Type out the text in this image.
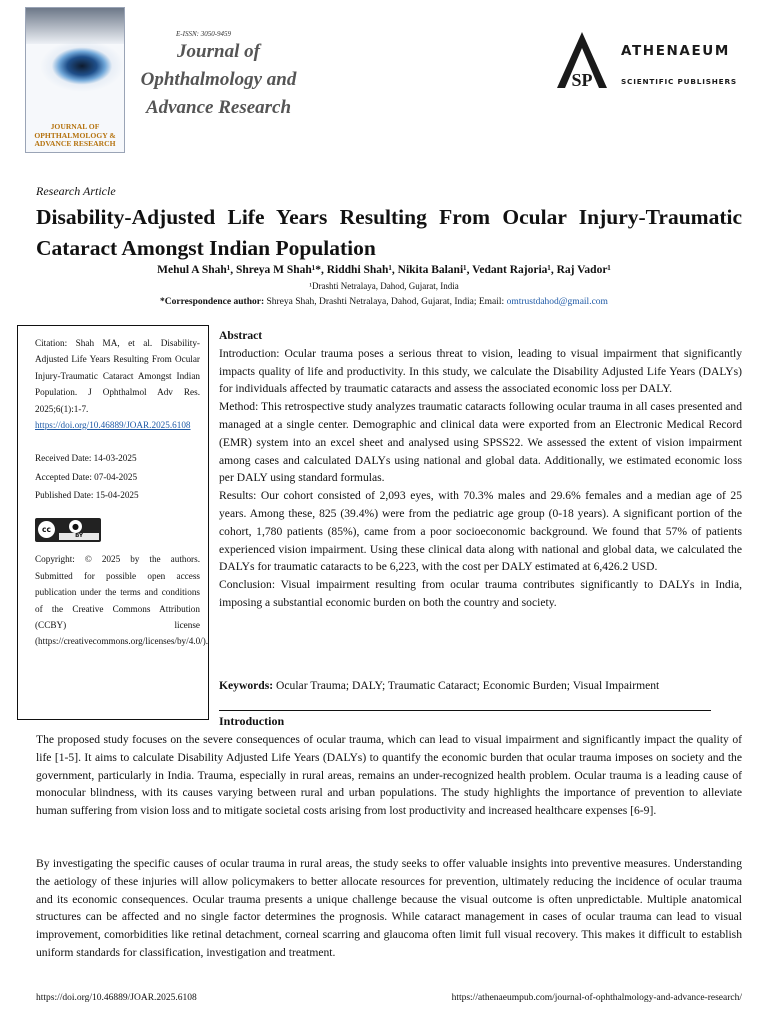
JOURNAL OF OPHTHALMOLOGY & ADVANCE RESEARCH
E-ISSN: 3050-9459
Journal of Ophthalmology and Advance Research
SP
ATHENAEUM
SCIENTIFIC PUBLISHERS
Research Article
Disability-Adjusted Life Years Resulting From Ocular Injury-Traumatic Cataract Amongst Indian Population
Mehul A Shah¹, Shreya M Shah¹*, Riddhi Shah¹, Nikita Balani¹, Vedant Rajoria¹, Raj Vador¹
¹Drashti Netralaya, Dahod, Gujarat, India
*Correspondence author: Shreya Shah, Drashti Netralaya, Dahod, Gujarat, India; Email: omtrustdahod@gmail.com
Citation: Shah MA, et al. Disability-Adjusted Life Years Resulting From Ocular Injury-Traumatic Cataract Amongst Indian Population. J Ophthalmol Adv Res. 2025;6(1):1-7.
https://doi.org/10.46889/JOAR.2025.6108
Received Date: 14-03-2025
Accepted Date: 07-04-2025
Published Date: 15-04-2025
cc	●
BY
Copyright: © 2025 by the authors. Submitted for possible open access publication under the terms and conditions of the Creative Commons Attribution (CCBY) license (https://creativecommons.org/licenses/by/4.0/).
Abstract

Introduction: Ocular trauma poses a serious threat to vision, leading to visual impairment that significantly impacts quality of life and productivity. In this study, we calculate the Disability Adjusted Life Years (DALYs) for individuals affected by traumatic cataracts and assess the associated economic loss per DALY.

Method: This retrospective study analyzes traumatic cataracts following ocular trauma in all cases presented and managed at a single center. Demographic and clinical data were exported from an Electronic Medical Record (EMR) system into an excel sheet and analysed using SPSS22. We assessed the extent of vision impairment among cases and calculated DALYs using national and global data. Additionally, we estimated economic loss per DALY using standard formulas.

Results: Our cohort consisted of 2,093 eyes, with 70.3% males and 29.6% females and a median age of 25 years. Among these, 825 (39.4%) were from the pediatric age group (0-18 years). A significant portion of the cohort, 1,780 patients (85%), came from a poor socioeconomic background. We found that 57% of patients experienced vision impairment. Using these clinical data along with national and global data, we calculated the DALYs for traumatic cataracts to be 6,223, with the cost per DALY estimated at 6,426.2 USD.

Conclusion: Visual impairment resulting from ocular trauma contributes significantly to DALYs in India, imposing a substantial economic burden on both the country and society.

Keywords: Ocular Trauma; DALY; Traumatic Cataract; Economic Burden; Visual Impairment
Introduction
The proposed study focuses on the severe consequences of ocular trauma, which can lead to visual impairment and significantly impact the quality of life [1-5]. It aims to calculate Disability Adjusted Life Years (DALYs) to quantify the economic burden that ocular trauma imposes on society and the government, particularly in India. Trauma, especially in rural areas, remains an under-recognized health problem. Ocular trauma is a leading cause of monocular blindness, with its causes varying between rural and urban populations. The study highlights the importance of prevention to alleviate human suffering from vision loss and to mitigate societal costs arising from lost productivity and increased healthcare expenses [6-9].
By investigating the specific causes of ocular trauma in rural areas, the study seeks to offer valuable insights into preventive measures. Understanding the aetiology of these injuries will allow policymakers to better allocate resources for prevention, ultimately reducing the incidence of ocular trauma and its economic consequences. Ocular trauma presents a unique challenge because the visual outcome is often unpredictable. Multiple anatomical structures can be affected and no single factor determines the prognosis. While cataract management in cases of ocular trauma can lead to visual improvement, comorbidities like retinal detachment, corneal scarring and glaucoma often limit full visual recovery. This makes it difficult to establish uniform standards for classification, investigation and treatment.
https://doi.org/10.46889/JOAR.2025.6108	https://athenaeumpub.com/journal-of-ophthalmology-and-advance-research/
